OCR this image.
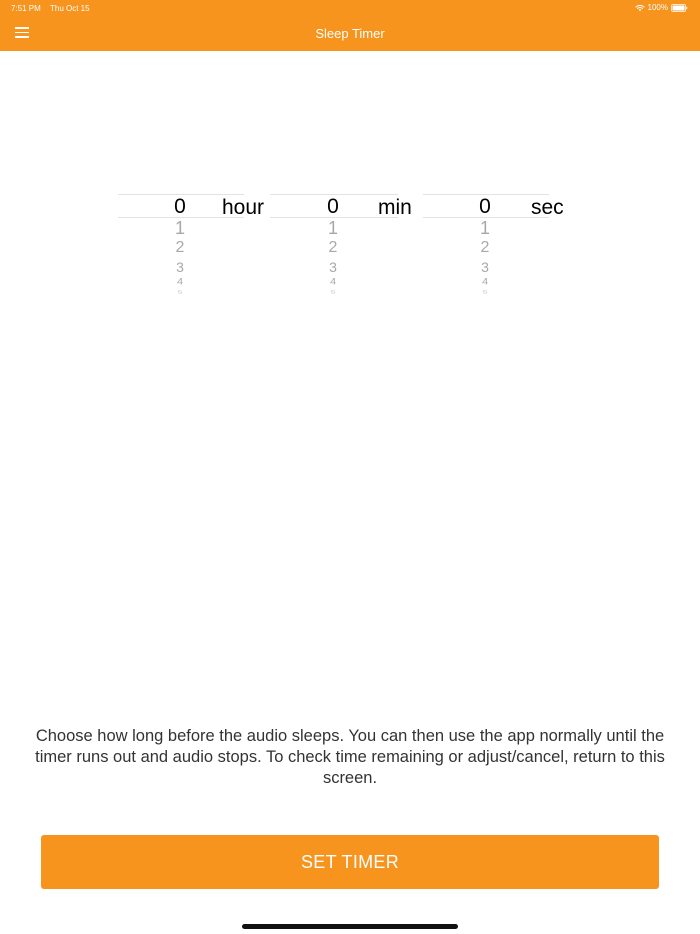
7:51 PM Thu Oct 15	100%
Sleep Timer
0	hour
1
2
3
4
5
0	min
1
2
3
4
5
0	sec
1
2
3
4
5
Choose how long before the audio sleeps. You can then use the app normally until the timer runs out and audio stops. To check time remaining or adjust/cancel, return to this screen.
SET TIMER
